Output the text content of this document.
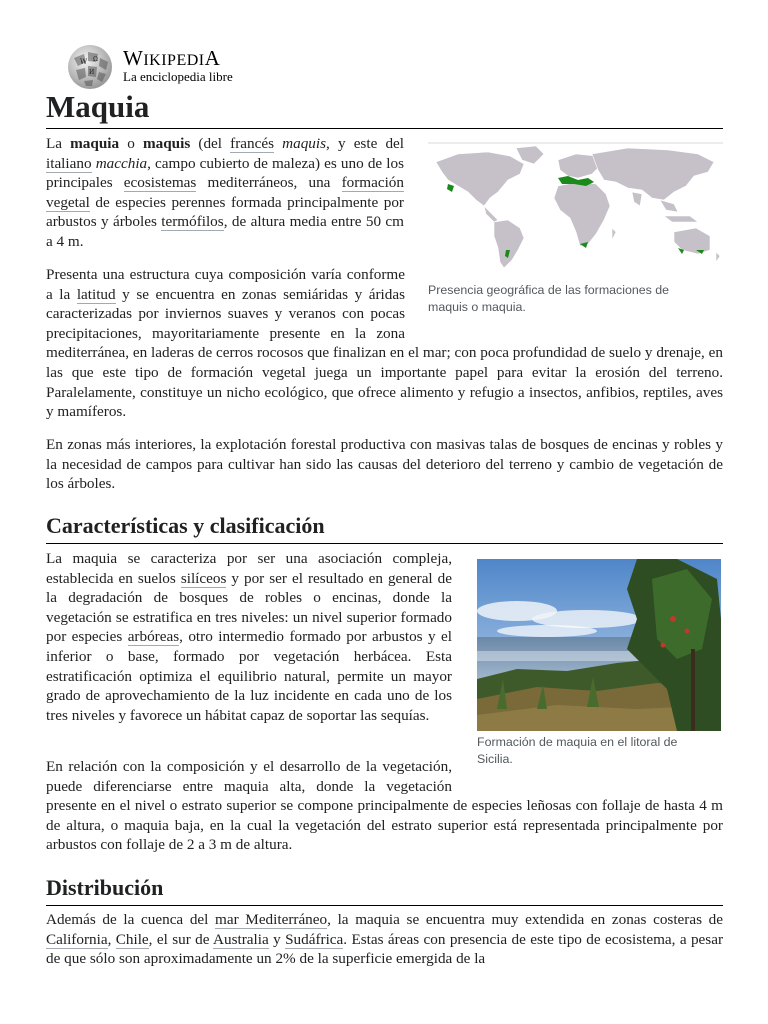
W Ω
И
WIKIPEDIA
La enciclopedia libre
Maquia
Presencia geográfica de las formaciones de maquis o maquia.

La maquia o maquis (del francés maquis, y este del italiano macchia, campo cubierto de maleza) es uno de los principales ecosistemas mediterráneos, una formación vegetal de especies perennes formada principalmente por arbustos y árboles termófilos, de altura media entre 50 cm a 4 m.

Presenta una estructura cuya composición varía conforme a la latitud y se encuentra en zonas semiáridas y áridas caracterizadas por inviernos suaves y veranos con pocas precipitaciones, mayoritariamente presente en la zona mediterránea, en laderas de cerros rocosos que finalizan en el mar; con poca profundidad de suelo y drenaje, en las que este tipo de formación vegetal juega un importante papel para evitar la erosión del terreno. Paralelamente, constituye un nicho ecológico, que ofrece alimento y refugio a insectos, anfibios, reptiles, aves y mamíferos.

En zonas más interiores, la explotación forestal productiva con masivas talas de bosques de encinas y robles y la necesidad de campos para cultivar han sido las causas del deterioro del terreno y cambio de vegetación de los árboles.

Características y clasificación
Formación de maquia en el litoral de Sicilia.

La maquia se caracteriza por ser una asociación compleja, establecida en suelos silíceos y por ser el resultado en general de la degradación de bosques de robles o encinas, donde la vegetación se estratifica en tres niveles: un nivel superior formado por especies arbóreas, otro intermedio formado por arbustos y el inferior o base, formado por vegetación herbácea. Esta estratificación optimiza el equilibrio natural, permite un mayor grado de aprovechamiento de la luz incidente en cada uno de los tres niveles y favorece un hábitat capaz de soportar las sequías.

En relación con la composición y el desarrollo de la vegetación, puede diferenciarse entre maquia alta, donde la vegetación presente en el nivel o estrato superior se compone principalmente de especies leñosas con follaje de hasta 4 m de altura, o maquia baja, en la cual la vegetación del estrato superior está representada principalmente por arbustos con follaje de 2 a 3 m de altura.

Distribución

Además de la cuenca del mar Mediterráneo, la maquia se encuentra muy extendida en zonas costeras de California, Chile, el sur de Australia y Sudáfrica. Estas áreas con presencia de este tipo de ecosistema, a pesar de que sólo son aproximadamente un 2% de la superficie emergida de la
